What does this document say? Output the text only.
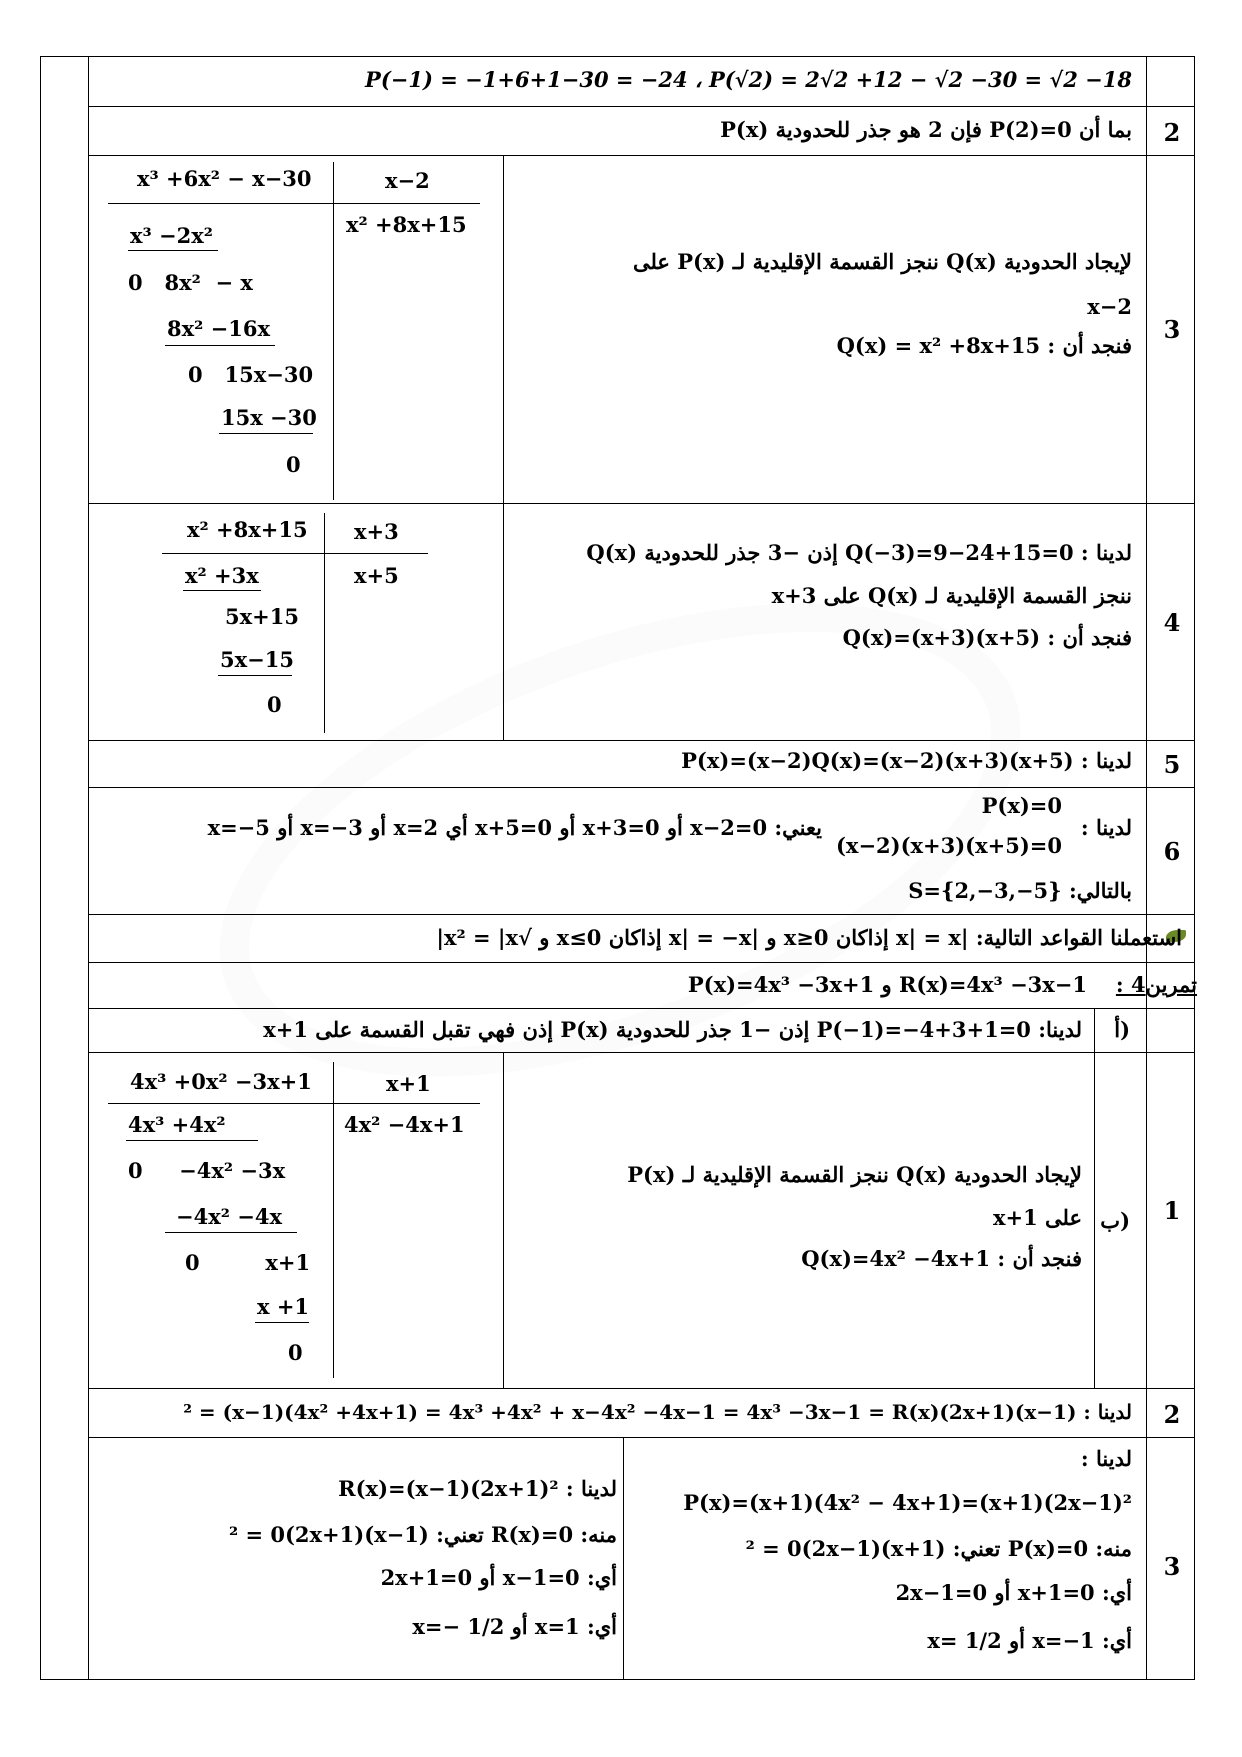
P(−1) = −1+6+1−30 = −24 ، P(√2) = 2√2 +12 − √2 −30 = √2 −18
2
بما أن P(2)=0 فإن 2 هو جذر للحدودية P(x)
3
x³ +6x² − x−30	x−2
x² +8x+15
x³ −2x²
0   8x²  − x
8x² −16x
0   15x−30
15x −30
0
لإيجاد الحدودية Q(x) ننجز القسمة الإقليدية لـ P(x) على
x−2
فنجد أن : Q(x) = x² +8x+15
4
x² +8x+15 x+3
x+5
x² +3x
5x+15
5x−15
0
لدينا : Q(−3)=9−24+15=0 إذن −3 جذر للحدودية Q(x)
ننجز القسمة الإقليدية لـ Q(x) على x+3
فنجد أن : Q(x)=(x+3)(x+5)
5
لدينا : P(x)=(x−2)Q(x)=(x−2)(x+3)(x+5)
6
لدينا :
P(x)=0
(x−2)(x+3)(x+5)=0
يعني: x−2=0 أو x+3=0 أو x+5=0 أي x=2 أو x=−3 أو x=−5
بالتالي: S={2,−3,−5}
استعملنا القواعد التالية: |x| = x إذاكان x≥0 و |x| = −x إذاكان x≤0 و √x² = |x|
تمرين4 :
P(x)=4x³ −3x+1 و R(x)=4x³ −3x−1
أ)
لدينا: P(−1)=−4+3+1=0 إذن −1 جذر للحدودية P(x) إذن فهي تقبل القسمة على x+1
1
ب)
4x³ +0x² −3x+1	x+1
4x² −4x+1
4x³ +4x²
0     −4x² −3x
−4x² −4x
0         x+1
x +1
0
لإيجاد الحدودية Q(x) ننجز القسمة الإقليدية لـ P(x)
على x+1
فنجد أن : Q(x)=4x² −4x+1
2
لدينا : (x−1)(2x+1)² = (x−1)(4x² +4x+1) = 4x³ +4x² + x−4x² −4x−1 = 4x³ −3x−1 = R(x)
3
لدينا :
P(x)=(x+1)(4x² − 4x+1)=(x+1)(2x−1)²
منه: P(x)=0 تعني: (x+1)(2x−1)² = 0
أي: x+1=0 أو 2x−1=0
أي: x=−1 أو x= 1/2
لدينا : R(x)=(x−1)(2x+1)²
منه: R(x)=0 تعني: (x−1)(2x+1)² = 0
أي: x−1=0 أو 2x+1=0
أي: x=1 أو x=− 1/2
